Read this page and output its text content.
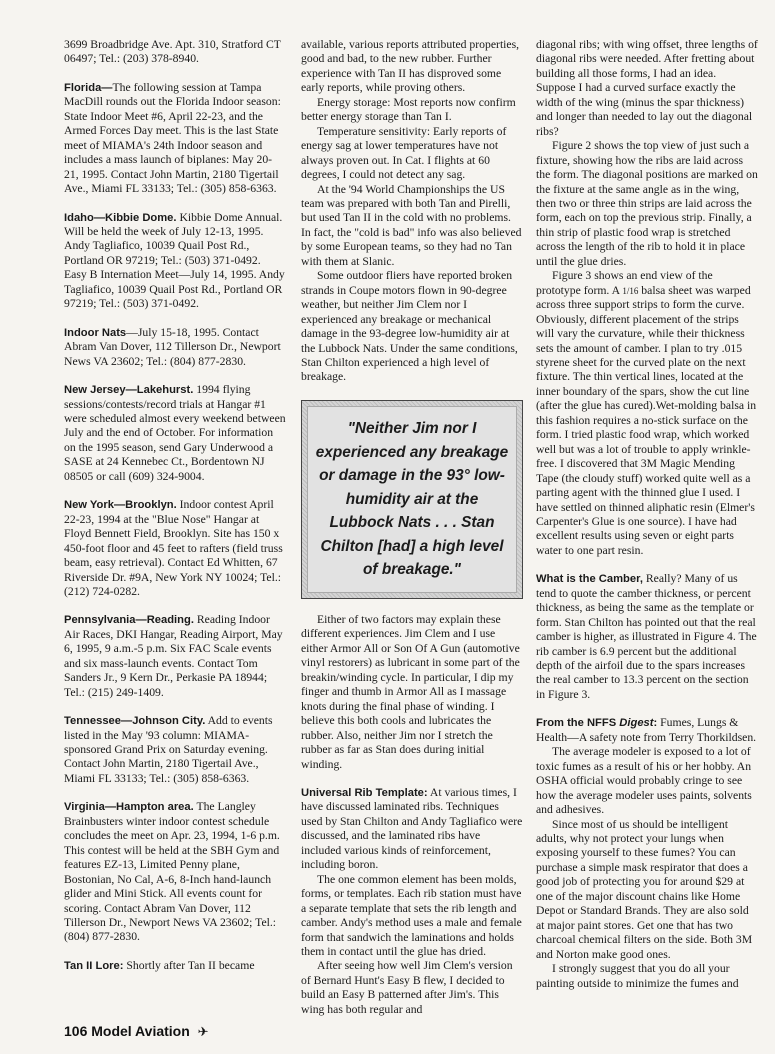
3699 Broadbridge Ave. Apt. 310, Stratford CT 06497; Tel.: (203) 378-8940.

Florida—The following session at Tampa MacDill rounds out the Florida Indoor season: State Indoor Meet #6, April 22-23, and the Armed Forces Day meet. This is the last State meet of MIAMA's 24th Indoor season and includes a mass launch of biplanes: May 20-21, 1995. Contact John Martin, 2180 Tigertail Ave., Miami FL 33133; Tel.: (305) 858-6363.

Idaho—Kibbie Dome. Kibbie Dome Annual. Will be held the week of July 12-13, 1995. Andy Tagliafico, 10039 Quail Post Rd., Portland OR 97219; Tel.: (503) 371-0492. Easy B Internation Meet—July 14, 1995. Andy Tagliafico, 10039 Quail Post Rd., Portland OR 97219; Tel.: (503) 371-0492.

Indoor Nats—July 15-18, 1995. Contact Abram Van Dover, 112 Tillerson Dr., Newport News VA 23602; Tel.: (804) 877-2830.

New Jersey—Lakehurst. 1994 flying sessions/contests/record trials at Hangar #1 were scheduled almost every weekend between July and the end of October. For information on the 1995 season, send Gary Underwood a SASE at 24 Kennebec Ct., Bordentown NJ 08505 or call (609) 324-9004.

New York—Brooklyn. Indoor contest April 22-23, 1994 at the "Blue Nose" Hangar at Floyd Bennett Field, Brooklyn. Site has 150 x 450-foot floor and 45 feet to rafters (field truss beam, easy retrieval). Contact Ed Whitten, 67 Riverside Dr. #9A, New York NY 10024; Tel.: (212) 724-0282.

Pennsylvania—Reading. Reading Indoor Air Races, DKI Hangar, Reading Airport, May 6, 1995, 9 a.m.-5 p.m. Six FAC Scale events and six mass-launch events. Contact Tom Sanders Jr., 9 Kern Dr., Perkasie PA 18944; Tel.: (215) 249-1409.

Tennessee—Johnson City. Add to events listed in the May '93 column: MIAMA-sponsored Grand Prix on Saturday evening. Contact John Martin, 2180 Tigertail Ave., Miami FL 33133; Tel.: (305) 858-6363.

Virginia—Hampton area. The Langley Brainbusters winter indoor contest schedule concludes the meet on Apr. 23, 1994, 1-6 p.m. This contest will be held at the SBH Gym and features EZ-13, Limited Penny plane, Bostonian, No Cal, A-6, 8-Inch hand-launch glider and Mini Stick. All events count for scoring. Contact Abram Van Dover, 112 Tillerson Dr., Newport News VA 23602; Tel.: (804) 877-2830.

Tan II Lore: Shortly after Tan II became

available, various reports attributed properties, good and bad, to the new rubber. Further experience with Tan II has disproved some early reports, while proving others.

Energy storage: Most reports now confirm better energy storage than Tan I.

Temperature sensitivity: Early reports of energy sag at lower temperatures have not always proven out. In Cat. I flights at 60 degrees, I could not detect any sag.

At the '94 World Championships the US team was prepared with both Tan and Pirelli, but used Tan II in the cold with no problems. In fact, the "cold is bad" info was also believed by some European teams, so they had no Tan with them at Slanic.

Some outdoor fliers have reported broken strands in Coupe motors flown in 90-degree weather, but neither Jim Clem nor I experienced any breakage or mechanical damage in the 93-degree low-humidity air at the Lubbock Nats. Under the same conditions, Stan Chilton experienced a high level of breakage.

"Neither Jim nor I experienced any breakage or damage in the 93° low-humidity air at the Lubbock Nats . . . Stan Chilton [had] a high level of breakage."

Either of two factors may explain these different experiences. Jim Clem and I use either Armor All or Son Of A Gun (automotive vinyl restorers) as lubricant in some part of the breakin/winding cycle. In particular, I dip my finger and thumb in Armor All as I massage knots during the final phase of winding. I believe this both cools and lubricates the rubber. Also, neither Jim nor I stretch the rubber as far as Stan does during initial winding.

Universal Rib Template: At various times, I have discussed laminated ribs. Techniques used by Stan Chilton and Andy Tagliafico were discussed, and the laminated ribs have included various kinds of reinforcement, including boron.

The one common element has been molds, forms, or templates. Each rib station must have a separate template that sets the rib length and camber. Andy's method uses a male and female form that sandwich the laminations and holds them in contact until the glue has dried.

After seeing how well Jim Clem's version of Bernard Hunt's Easy B flew, I decided to build an Easy B patterned after Jim's. This wing has both regular and

diagonal ribs; with wing offset, three lengths of diagonal ribs were needed. After fretting about building all those forms, I had an idea. Suppose I had a curved surface exactly the width of the wing (minus the spar thickness) and longer than needed to lay out the diagonal ribs?

Figure 2 shows the top view of just such a fixture, showing how the ribs are laid across the form. The diagonal positions are marked on the fixture at the same angle as in the wing, then two or three thin strips are laid across the form, each on top the previous strip. Finally, a thin strip of plastic food wrap is stretched across the length of the rib to hold it in place until the glue dries.

Figure 3 shows an end view of the prototype form. A 1/16 balsa sheet was warped across three support strips to form the curve. Obviously, different placement of the strips will vary the curvature, while their thickness sets the amount of camber. I plan to try .015 styrene sheet for the curved plate on the next fixture. The thin vertical lines, located at the inner boundary of the spars, show the cut line (after the glue has cured).Wet-molding balsa in this fashion requires a no-stick surface on the form. I tried plastic food wrap, which worked well but was a lot of trouble to apply wrinkle-free. I discovered that 3M Magic Mending Tape (the cloudy stuff) worked quite well as a parting agent with the thinned glue I used. I have settled on thinned aliphatic resin (Elmer's Carpenter's Glue is one source). I have had excellent results using seven or eight parts water to one part resin.

What is the Camber, Really? Many of us tend to quote the camber thickness, or percent thickness, as being the same as the template or form. Stan Chilton has pointed out that the real camber is higher, as illustrated in Figure 4. The rib camber is 6.9 percent but the additional depth of the airfoil due to the spars increases the real camber to 13.3 percent on the section in Figure 3.

From the NFFS Digest: Fumes, Lungs & Health—A safety note from Terry Thorkildsen.

The average modeler is exposed to a lot of toxic fumes as a result of his or her hobby. An OSHA official would probably cringe to see how the average modeler uses paints, solvents and adhesives.

Since most of us should be intelligent adults, why not protect your lungs when exposing yourself to these fumes? You can purchase a simple mask respirator that does a good job of protecting you for around $29 at one of the major discount chains like Home Depot or Standard Brands. They are also sold at major paint stores. Get one that has two charcoal chemical filters on the side. Both 3M and Norton make good ones.

I strongly suggest that you do all your painting outside to minimize the fumes and

106 Model Aviation ✈
